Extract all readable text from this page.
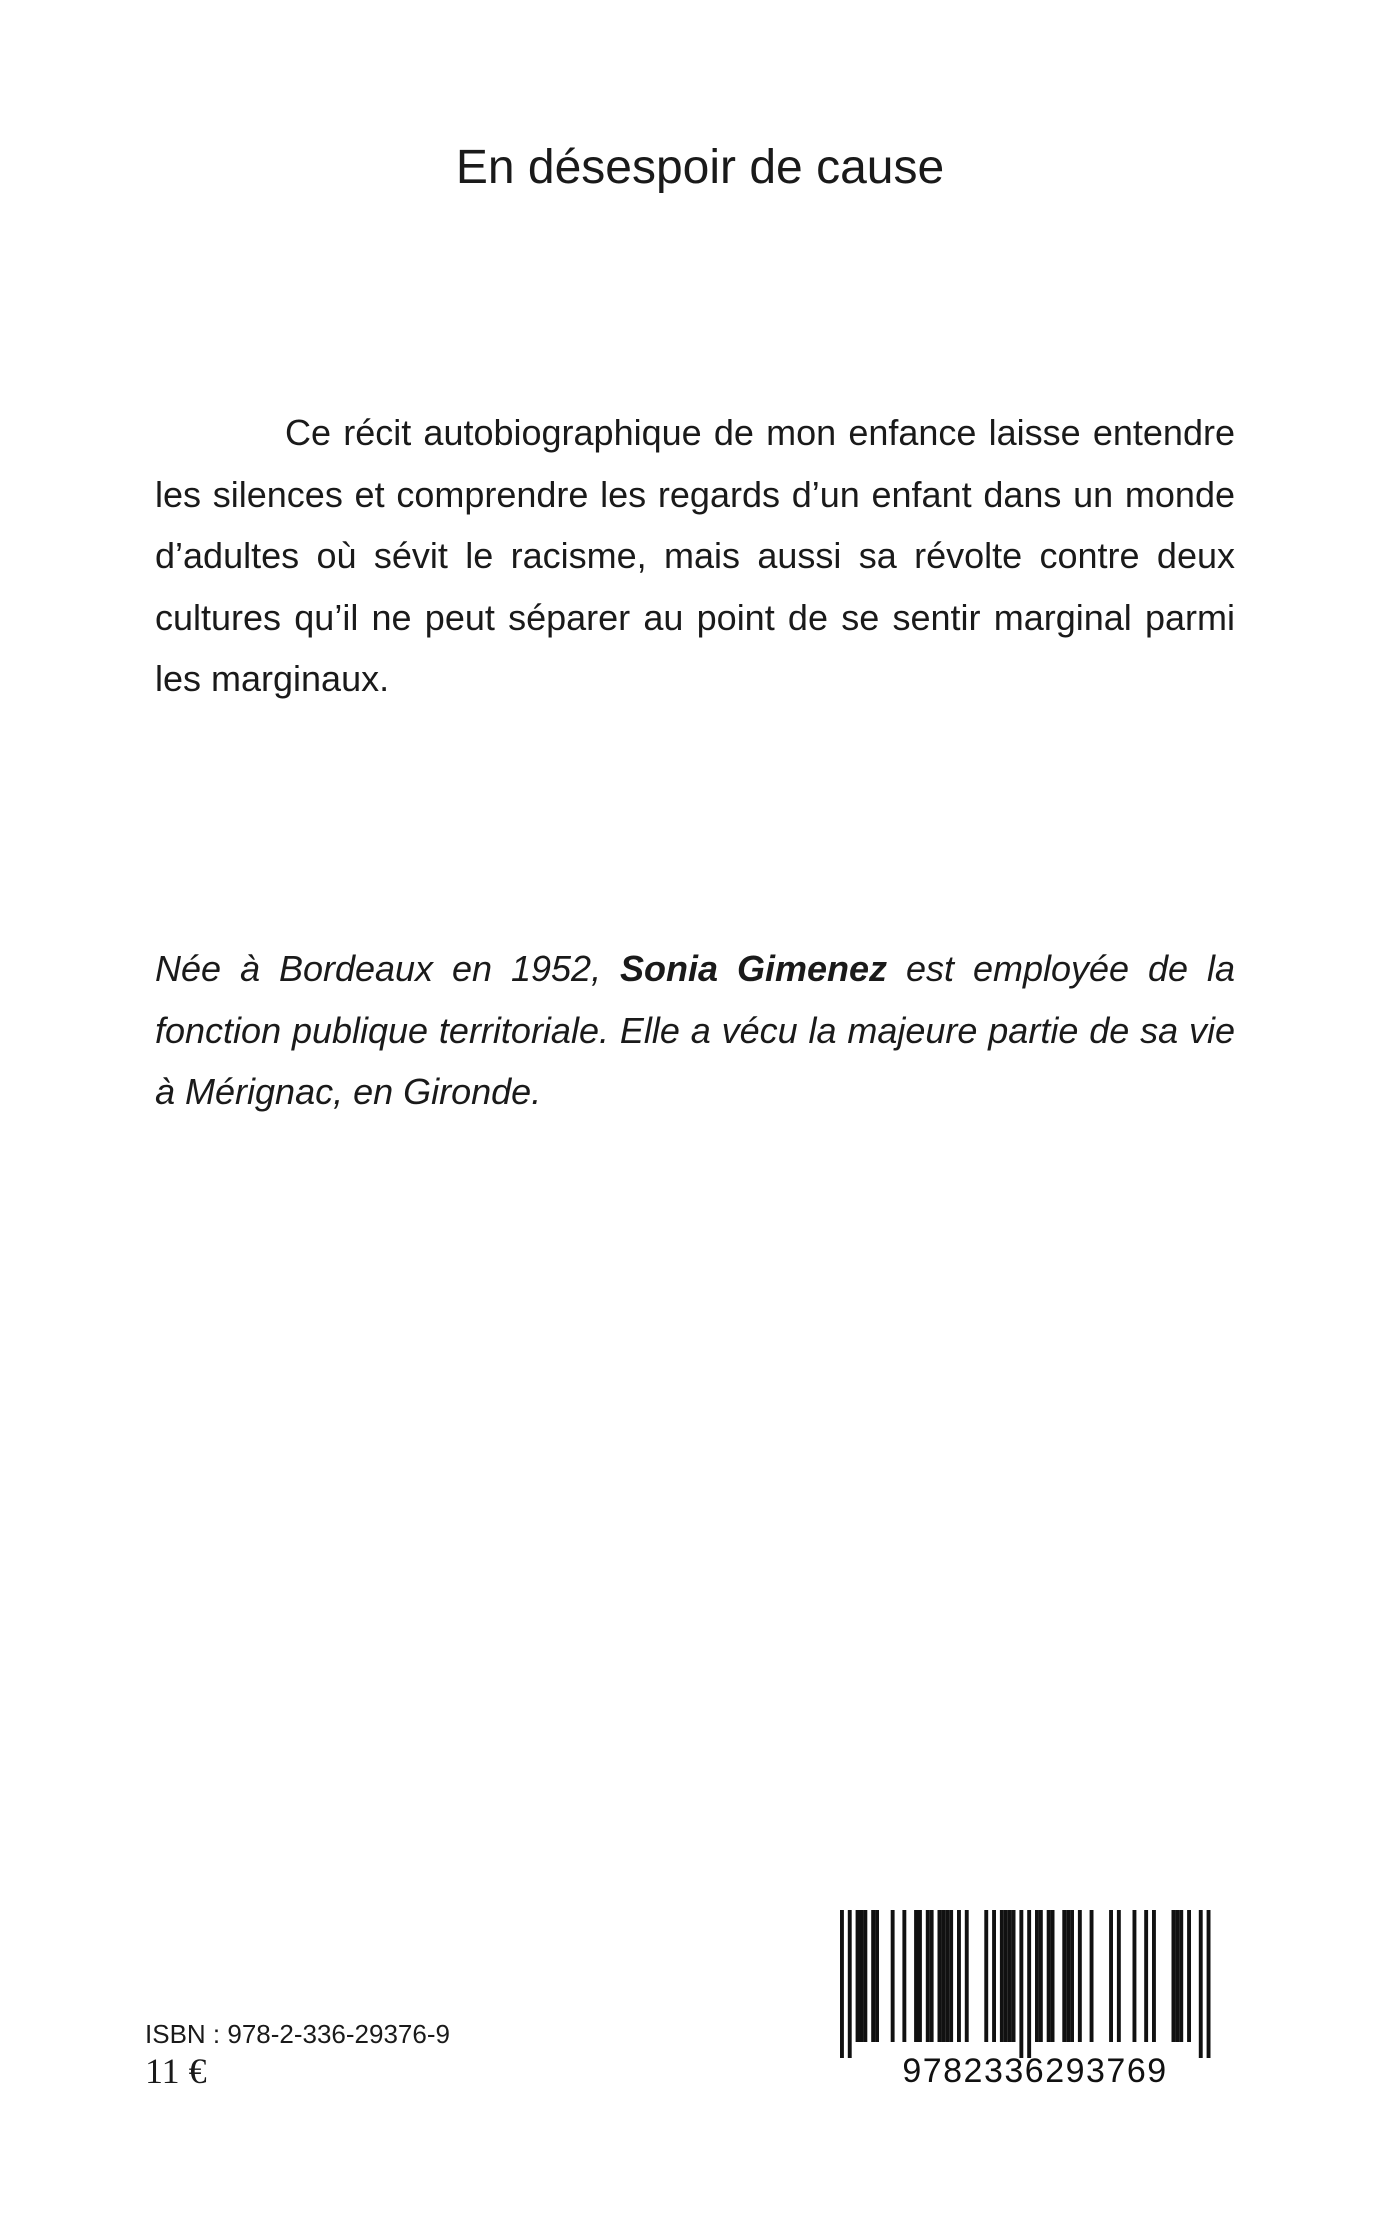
En désespoir de cause

Ce récit autobiographique de mon enfance laisse entendre les silences et comprendre les regards d’un enfant dans un monde d’adultes où sévit le racisme, mais aussi sa révolte contre deux cultures qu’il ne peut séparer au point de se sentir marginal parmi les marginaux.

Née à Bordeaux en 1952, Sonia Gimenez est employée de la fonction publique territoriale. Elle a vécu la majeure partie de sa vie à Mérignac, en Gironde.

ISBN : 978-2-336-29376-9
11 €	9782336293769
